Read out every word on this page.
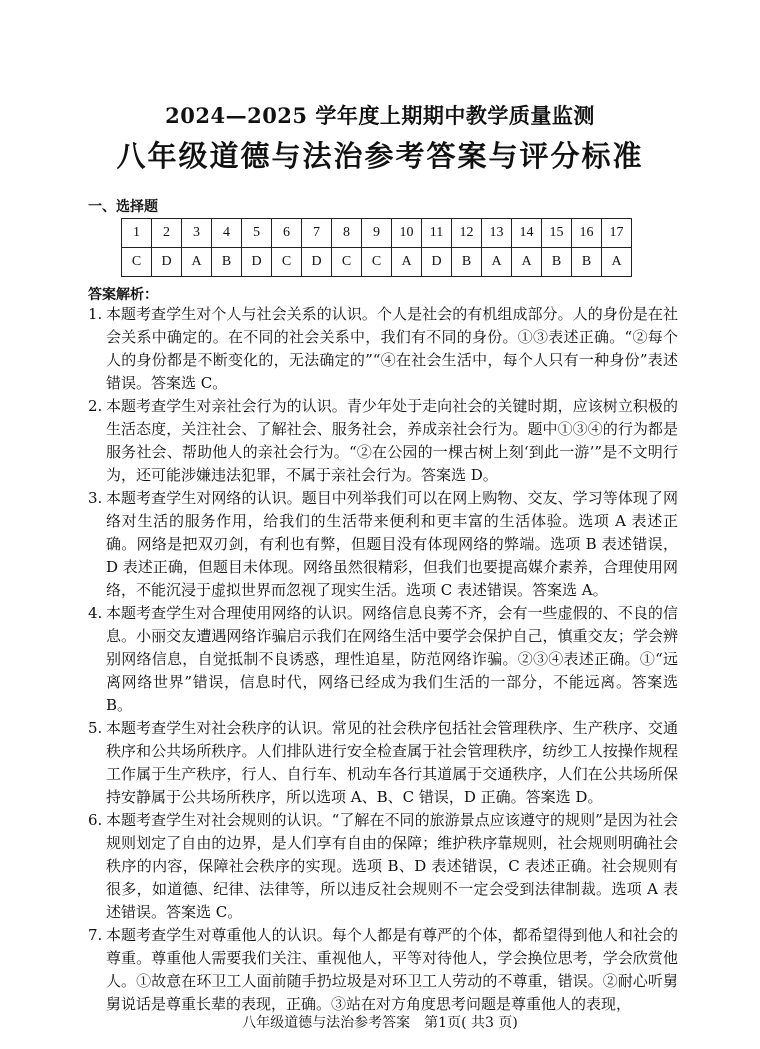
2024—2025 学年度上期期中教学质量监测
八年级道德与法治参考答案与评分标准
一、选择题
1	2	3	4	5	6	7	8	9	10	11	12	13	14	15	16	17
C	D	A	B	D	C	D	C	C	A	D	B	A	A	B	B	A
答案解析：
1. 本题考查学生对个人与社会关系的认识。个人是社会的有机组成部分。人的身份是在社会关系中确定的。在不同的社会关系中，我们有不同的身份。①③表述正确。“②每个人的身份都是不断变化的，无法确定的”“④在社会生活中，每个人只有一种身份”表述错误。答案选 C。
2. 本题考查学生对亲社会行为的认识。青少年处于走向社会的关键时期，应该树立积极的生活态度，关注社会、了解社会、服务社会，养成亲社会行为。题中①③④的行为都是服务社会、帮助他人的亲社会行为。“②在公园的一棵古树上刻‘到此一游’”是不文明行为，还可能涉嫌违法犯罪，不属于亲社会行为。答案选 D。
3. 本题考查学生对网络的认识。题目中列举我们可以在网上购物、交友、学习等体现了网络对生活的服务作用，给我们的生活带来便利和更丰富的生活体验。选项 A 表述正确。网络是把双刃剑，有利也有弊，但题目没有体现网络的弊端。选项 B 表述错误，D 表述正确，但题目未体现。网络虽然很精彩，但我们也要提高媒介素养，合理使用网络，不能沉浸于虚拟世界而忽视了现实生活。选项 C 表述错误。答案选 A。
4. 本题考查学生对合理使用网络的认识。网络信息良莠不齐，会有一些虚假的、不良的信息。小丽交友遭遇网络诈骗启示我们在网络生活中要学会保护自己，慎重交友；学会辨别网络信息，自觉抵制不良诱惑，理性追星，防范网络诈骗。②③④表述正确。①“远离网络世界”错误，信息时代，网络已经成为我们生活的一部分，不能远离。答案选 B。
5. 本题考查学生对社会秩序的认识。常见的社会秩序包括社会管理秩序、生产秩序、交通秩序和公共场所秩序。人们排队进行安全检查属于社会管理秩序，纺纱工人按操作规程工作属于生产秩序，行人、自行车、机动车各行其道属于交通秩序，人们在公共场所保持安静属于公共场所秩序，所以选项 A、B、C 错误，D 正确。答案选 D。
6. 本题考查学生对社会规则的认识。“了解在不同的旅游景点应该遵守的规则”是因为社会规则划定了自由的边界，是人们享有自由的保障；维护秩序靠规则，社会规则明确社会秩序的内容，保障社会秩序的实现。选项 B、D 表述错误，C 表述正确。社会规则有很多，如道德、纪律、法律等，所以违反社会规则不一定会受到法律制裁。选项 A 表述错误。答案选 C。
7. 本题考查学生对尊重他人的认识。每个人都是有尊严的个体，都希望得到他人和社会的尊重。尊重他人需要我们关注、重视他人，平等对待他人，学会换位思考，学会欣赏他人。①故意在环卫工人面前随手扔垃圾是对环卫工人劳动的不尊重，错误。②耐心听舅舅说话是尊重长辈的表现，正确。③站在对方角度思考问题是尊重他人的表现，
八年级道德与法治参考答案　第1页( 共3 页)
